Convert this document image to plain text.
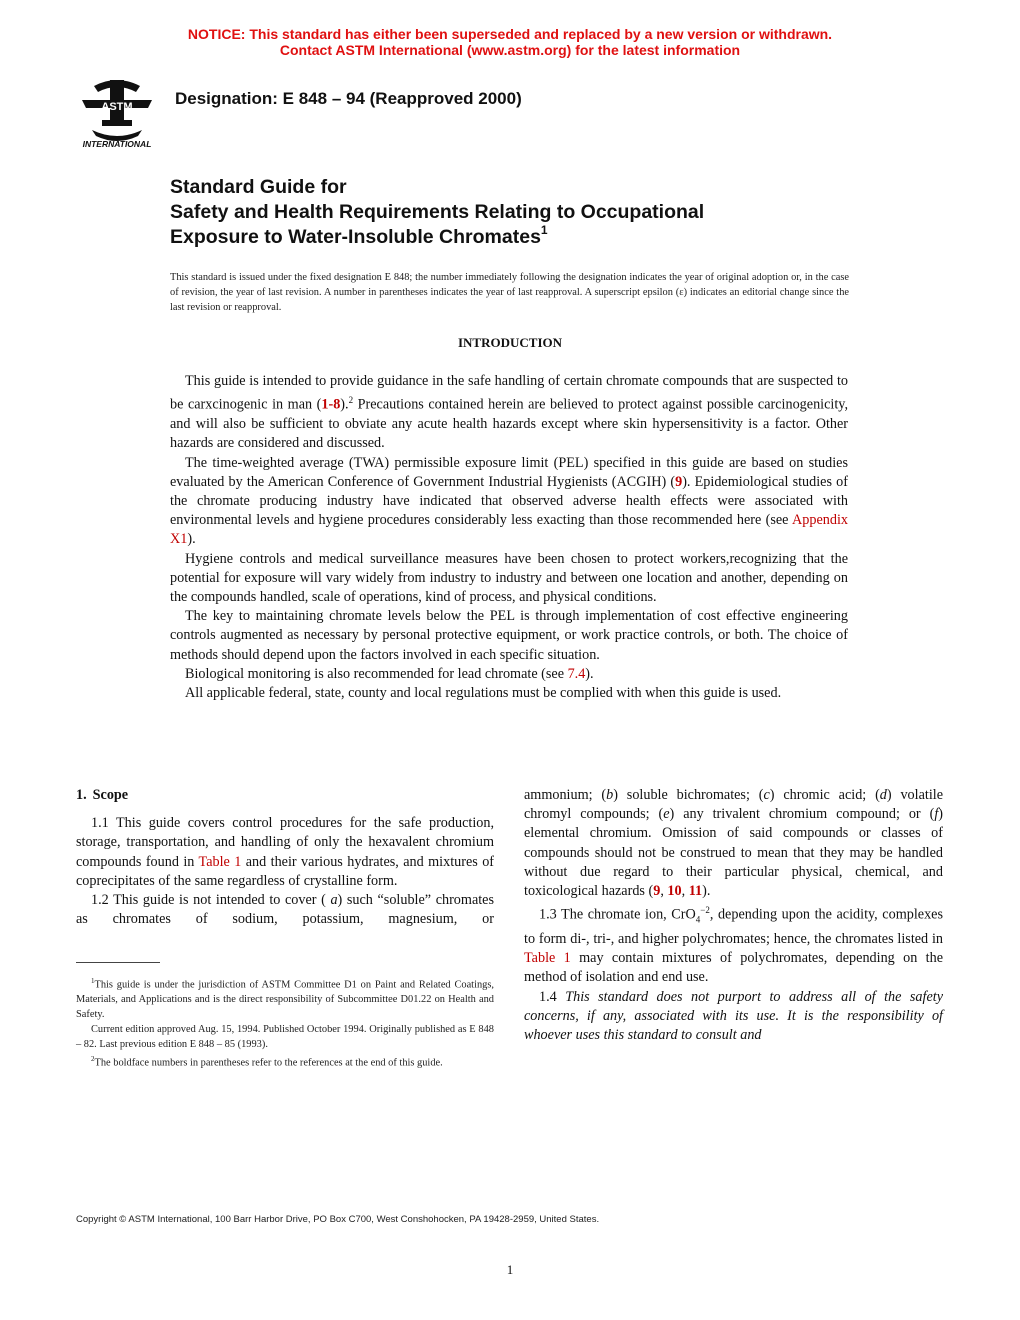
NOTICE: This standard has either been superseded and replaced by a new version or withdrawn.
Contact ASTM International (www.astm.org) for the latest information
ASTM
INTERNATIONAL
Designation: E 848 – 94 (Reapproved 2000)
Standard Guide for
Safety and Health Requirements Relating to Occupational
Exposure to Water-Insoluble Chromates$^1$
This standard is issued under the fixed designation E 848; the number immediately following the designation indicates the year of original adoption or, in the case of revision, the year of last revision. A number in parentheses indicates the year of last reapproval. A superscript epsilon (ε) indicates an editorial change since the last revision or reapproval.
INTRODUCTION

This guide is intended to provide guidance in the safe handling of certain chromate compounds that are suspected to be carxcinogenic in man (1-8).$^2$ Precautions contained herein are believed to protect against possible carcinogenicity, and will also be sufficient to obviate any acute health hazards except where skin hypersensitivity is a factor. Other hazards are considered and discussed.

The time-weighted average (TWA) permissible exposure limit (PEL) specified in this guide are based on studies evaluated by the American Conference of Government Industrial Hygienists (ACGIH) (9). Epidemiological studies of the chromate producing industry have indicated that observed adverse health effects were associated with environmental levels and hygiene procedures considerably less exacting than those recommended here (see Appendix X1).

Hygiene controls and medical surveillance measures have been chosen to protect workers,recognizing that the potential for exposure will vary widely from industry to industry and between one location and another, depending on the compounds handled, scale of operations, kind of process, and physical conditions.

The key to maintaining chromate levels below the PEL is through implementation of cost effective engineering controls augmented as necessary by personal protective equipment, or work practice controls, or both. The choice of methods should depend upon the factors involved in each specific situation.

Biological monitoring is also recommended for lead chromate (see 7.4).

All applicable federal, state, county and local regulations must be complied with when this guide is used.

1. Scope

1.1 This guide covers control procedures for the safe production, storage, transportation, and handling of only the hexavalent chromium compounds found in Table 1 and their various hydrates, and mixtures of coprecipitates of the same regardless of crystalline form.

1.2 This guide is not intended to cover ( a) such “soluble” chromates as chromates of sodium, potassium, magnesium, or

$^1$This guide is under the jurisdiction of ASTM Committee D1 on Paint and Related Coatings, Materials, and Applications and is the direct responsibility of Subcommittee D01.22 on Health and Safety.

Current edition approved Aug. 15, 1994. Published October 1994. Originally published as E 848 – 82. Last previous edition E 848 – 85 (1993).

$^2$The boldface numbers in parentheses refer to the references at the end of this guide.

ammonium; (b) soluble bichromates; (c) chromic acid; (d) volatile chromyl compounds; (e) any trivalent chromium compound; or (f) elemental chromium. Omission of said compounds or classes of compounds should not be construed to mean that they may be handled without due regard to their particular physical, chemical, and toxicological hazards (9, 10, 11).

1.3 The chromate ion, CrO$_4^{-2}$, depending upon the acidity, complexes to form di-, tri-, and higher polychromates; hence, the chromates listed in Table 1 may contain mixtures of polychromates, depending on the method of isolation and end use.

1.4 This standard does not purport to address all of the safety concerns, if any, associated with its use. It is the responsibility of whoever uses this standard to consult and

Copyright © ASTM International, 100 Barr Harbor Drive, PO Box C700, West Conshohocken, PA 19428-2959, United States.
1
